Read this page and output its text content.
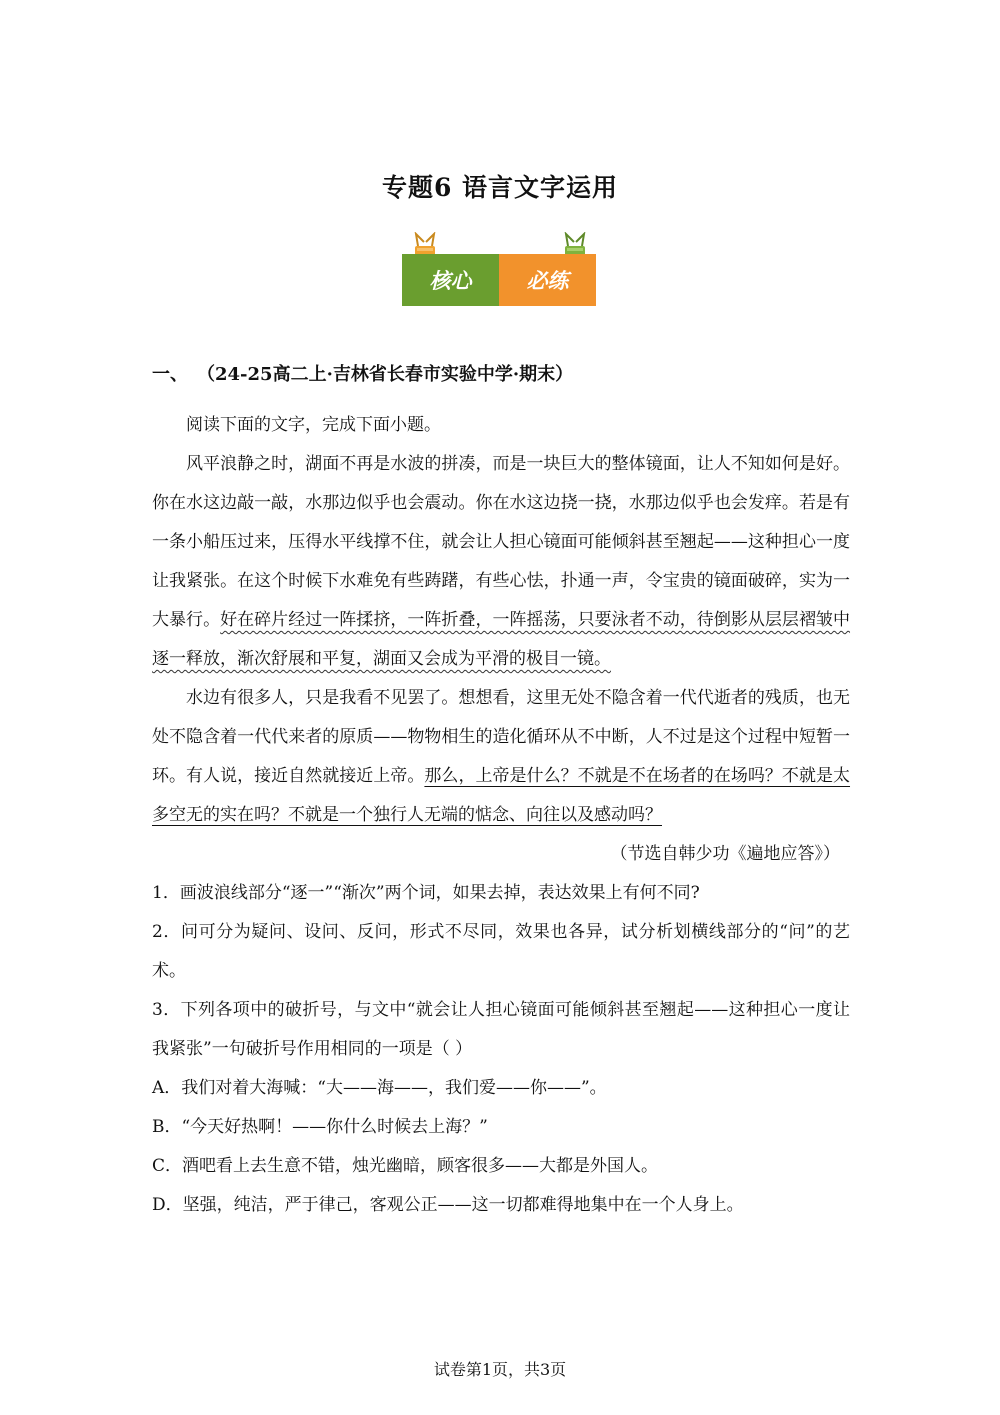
专题6 语言文字运用
核心	必练
一、 （24-25高二上·吉林省长春市实验中学·期末）

阅读下面的文字，完成下面小题。

风平浪静之时，湖面不再是水波的拼凑，而是一块巨大的整体镜面，让人不知如何是好。你在水这边敲一敲，水那边似乎也会震动。你在水这边挠一挠，水那边似乎也会发痒。若是有一条小船压过来，压得水平线撑不住，就会让人担心镜面可能倾斜甚至翘起——这种担心一度让我紧张。在这个时候下水难免有些踌躇，有些心怯，扑通一声，令宝贵的镜面破碎，实为一大暴行。好在碎片经过一阵揉挤，一阵折叠，一阵摇荡，只要泳者不动，待倒影从层层褶皱中逐一释放，渐次舒展和平复，湖面又会成为平滑的极目一镜。

水边有很多人，只是我看不见罢了。想想看，这里无处不隐含着一代代逝者的残质，也无处不隐含着一代代来者的原质——物物相生的造化循环从不中断，人不过是这个过程中短暂一环。有人说，接近自然就接近上帝。那么，上帝是什么？不就是不在场者的在场吗？不就是太多空无的实在吗？不就是一个独行人无端的惦念、向往以及感动吗？

（节选自韩少功《遍地应答》）

1．画波浪线部分“逐一”“渐次”两个词，如果去掉，表达效果上有何不同?

2．问可分为疑问、设问、反问，形式不尽同，效果也各异，试分析划横线部分的“问”的艺术。

3．下列各项中的破折号，与文中“就会让人担心镜面可能倾斜甚至翘起——这种担心一度让我紧张”一句破折号作用相同的一项是（ ）

A．我们对着大海喊：“大——海——，我们爱——你——”。

B．“今天好热啊！——你什么时候去上海？”

C．酒吧看上去生意不错，烛光幽暗，顾客很多——大都是外国人。

D．坚强，纯洁，严于律己，客观公正——这一切都难得地集中在一个人身上。

试卷第1页，共3页
